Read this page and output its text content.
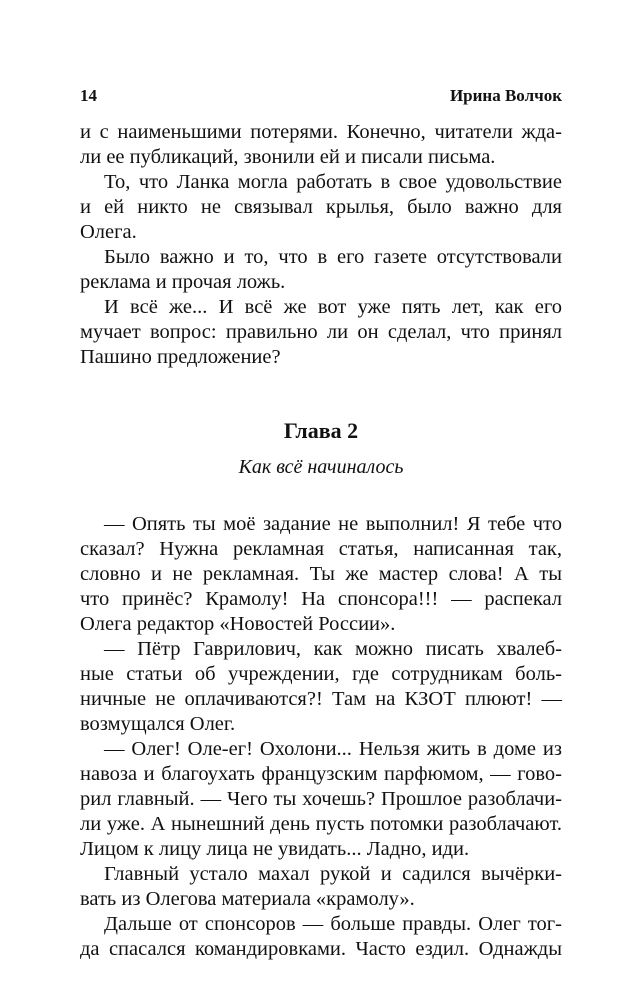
14	Ирина Волчок

и с наименьшими потерями. Конечно, читатели жда-
ли ее публикаций, звонили ей и писали письма.

То, что Ланка могла работать в свое удовольствие
и ей никто не связывал крылья, было важно для
Олега.

Было важно и то, что в его газете отсутствовали
реклама и прочая ложь.

И всё же... И всё же вот уже пять лет, как его
мучает вопрос: правильно ли он сделал, что принял
Пашино предложение?

Глава 2

Как всё начиналось

— Опять ты моё задание не выполнил! Я тебе что
сказал? Нужна рекламная статья, написанная так,
словно и не рекламная. Ты же мастер слова! А ты
что принёс? Крамолу! На спонсора!!! — распекал
Олега редактор «Новостей России».

— Пётр Гаврилович, как можно писать хвалеб-
ные статьи об учреждении, где сотрудникам боль-
ничные не оплачиваются?! Там на КЗОТ плюют! —
возмущался Олег.

— Олег! Оле-ег! Охолони... Нельзя жить в доме из
навоза и благоухать французским парфюмом, — гово-
рил главный. — Чего ты хочешь? Прошлое разоблачи-
ли уже. А нынешний день пусть потомки разоблачают.
Лицом к лицу лица не увидать... Ладно, иди.

Главный устало махал рукой и садился вычёрки-
вать из Олегова материала «крамолу».

Дальше от спонсоров — больше правды. Олег тог-
да спасался командировками. Часто ездил. Однажды
